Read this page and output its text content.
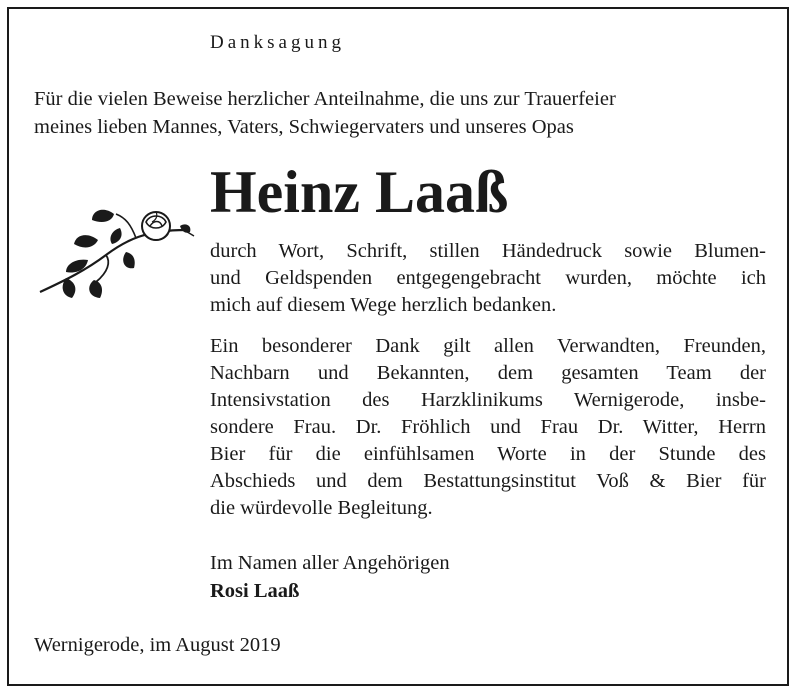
Danksagung
Für die vielen Beweise herzlicher Anteilnahme, die uns zur Trauerfeier
meines lieben Mannes, Vaters, Schwiegervaters und unseres Opas
Heinz Laaß
durch Wort, Schrift, stillen Händedruck sowie Blumen-
und Geldspenden entgegengebracht wurden, möchte ich
mich auf diesem Wege herzlich bedanken.
Ein besonderer Dank gilt allen Verwandten, Freunden,
Nachbarn und Bekannten, dem gesamten Team der
Intensivstation des Harzklinikums Wernigerode, insbe-
sondere Frau. Dr. Fröhlich und Frau Dr. Witter, Herrn
Bier für die einfühlsamen Worte in der Stunde des
Abschieds und dem Bestattungsinstitut Voß & Bier für
die würdevolle Begleitung.
Im Namen aller Angehörigen
Rosi Laaß
Wernigerode, im August 2019
